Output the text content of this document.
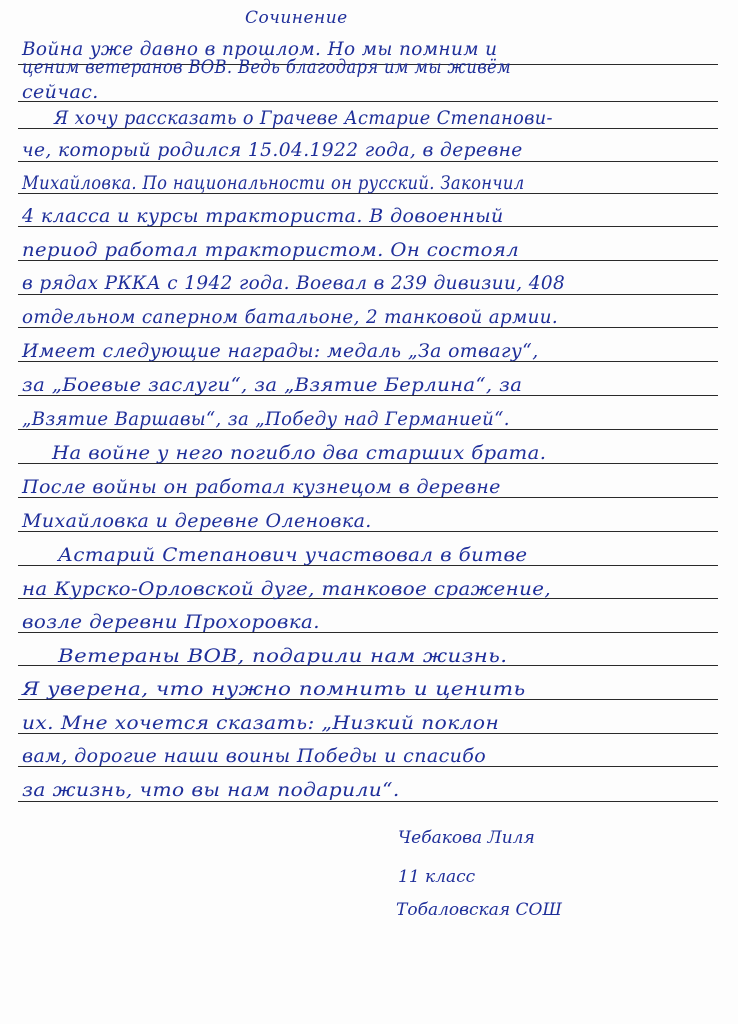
Сочинение
Война уже давно в прошлом. Но мы помним и
ценим ветеранов ВОВ. Ведь благодаря им мы живём
сейчас.
Я хочу рассказать о Грачеве Астарие Степанови-
че, который родился 15.04.1922 года, в деревне
Михайловка. По национальности он русский. Закончил
4 класса и курсы тракториста. В довоенный
период работал трактористом. Он состоял
в рядах РККА с 1942 года. Воевал в 239 дивизии, 408
отдельном саперном батальоне, 2 танковой армии.
Имеет следующие награды: медаль „За отвагу“,
за „Боевые заслуги“, за „Взятие Берлина“, за
„Взятие Варшавы“, за „Победу над Германией“.
На войне у него погибло два старших брата.
После войны он работал кузнецом в деревне
Михайловка и деревне Оленовка.
Астарий Степанович участвовал в битве
на Курско-Орловской дуге, танковое сражение,
возле деревни Прохоровка.
Ветераны ВОВ, подарили нам жизнь.
Я уверена, что нужно помнить и ценить
их. Мне хочется сказать: „Низкий поклон
вам, дорогие наши воины Победы и спасибо
за жизнь, что вы нам подарили“.
Чебакова Лиля
11 класс
Тобаловская СОШ
